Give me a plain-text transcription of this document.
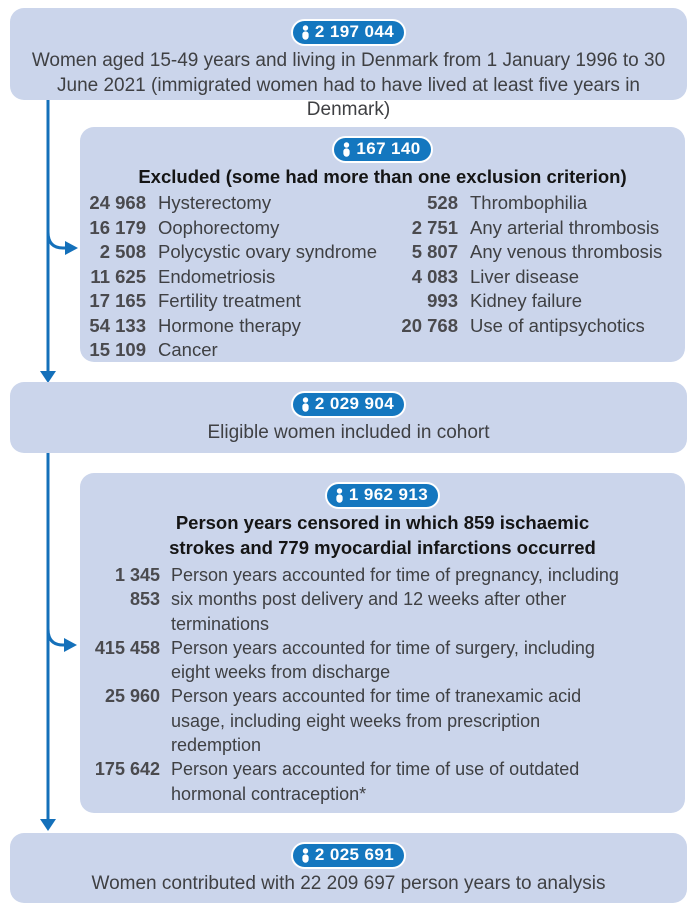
2 197 044
Women aged 15-49 years and living in Denmark from 1 January 1996 to 30 June 2021 (immigrated women had to have lived at least five years in Denmark)
167 140
Excluded (some had more than one exclusion criterion)
24 968 Hysterectomy
16 179 Oophorectomy
2 508 Polycystic ovary syndrome
11 625 Endometriosis
17 165 Fertility treatment
54 133 Hormone therapy
15 109 Cancer
528 Thrombophilia
2 751 Any arterial thrombosis
5 807 Any venous thrombosis
4 083 Liver disease
993 Kidney failure
20 768 Use of antipsychotics
2 029 904
Eligible women included in cohort
1 962 913
Person years censored in which 859 ischaemic strokes and 779 myocardial infarctions occurred
1 345 853
Person years accounted for time of pregnancy, including six months post delivery and 12 weeks after other terminations
415 458 Person years accounted for time of surgery, including eight weeks from discharge
25 960 Person years accounted for time of tranexamic acid usage, including eight weeks from prescription redemption
175 642 Person years accounted for time of use of outdated hormonal contraception*
2 025 691
Women contributed with 22 209 697 person years to analysis
